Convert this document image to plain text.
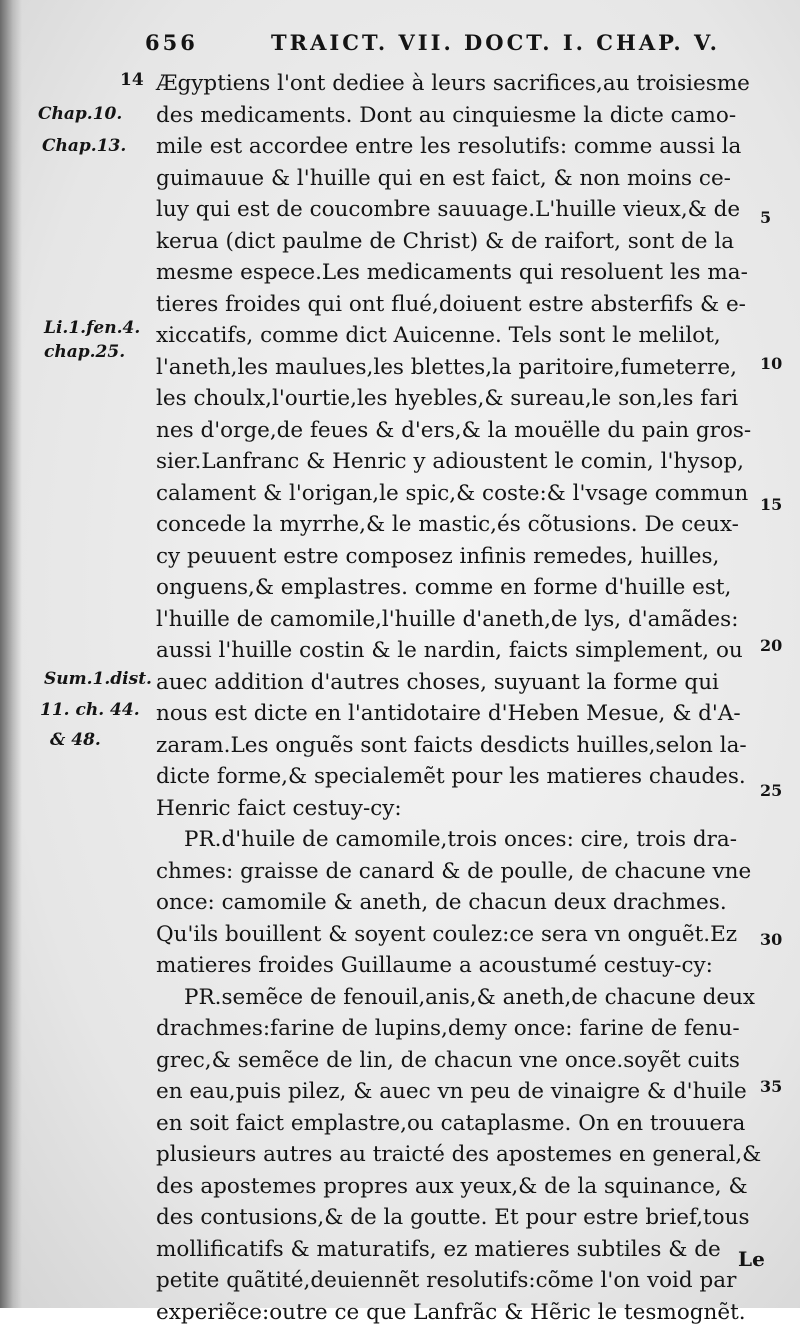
656	TRAICT. VII. DOCT. I. CHAP. V.
14 Ægyptiens l'ont dediee à leurs sacrifices,au troisiesme
des medicaments. Dont au cinquiesme la dicte camo-
mile est accordee entre les resolutifs: comme aussi la
guimauue & l'huille qui en est faict, & non moins ce-
luy qui est de coucombre sauuage.L'huille vieux,& de
kerua (dict paulme de Christ) & de raifort, sont de la
mesme espece.Les medicaments qui resoluent les ma-
tieres froides qui ont flué,doiuent estre absterfifs & e-
xiccatifs, comme dict Auicenne. Tels sont le melilot,
l'aneth,les maulues,les blettes,la paritoire,fumeterre,
les choulx,l'ourtie,les hyebles,& sureau,le son,les fari
nes d'orge,de feues & d'ers,& la mouëlle du pain gros-
sier.Lanfranc & Henric y adioustent le comin, l'hysop,
calament & l'origan,le spic,& coste:& l'vsage commun
concede la myrrhe,& le mastic,és cõtusions. De ceux-
cy peuuent estre composez infinis remedes, huilles,
onguens,& emplastres. comme en forme d'huille est,
l'huille de camomile,l'huille d'aneth,de lys, d'amãdes:
aussi l'huille costin & le nardin, faicts simplement, ou
auec addition d'autres choses, suyuant la forme qui
nous est dicte en l'antidotaire d'Heben Mesue, & d'A-
zaram.Les onguẽs sont faicts desdicts huilles,selon la-
dicte forme,& specialemẽt pour les matieres chaudes.
Henric faict cestuy-cy:
PR.d'huile de camomile,trois onces: cire, trois dra-
chmes: graisse de canard & de poulle, de chacune vne
once: camomile & aneth, de chacun deux drachmes.
Qu'ils bouillent & soyent coulez:ce sera vn onguẽt.Ez
matieres froides Guillaume a acoustumé cestuy-cy:
PR.semẽce de fenouil,anis,& aneth,de chacune deux
drachmes:farine de lupins,demy once: farine de fenu-
grec,& semẽce de lin, de chacun vne once.soyẽt cuits
en eau,puis pilez, & auec vn peu de vinaigre & d'huile
en soit faict emplastre,ou cataplasme. On en trouuera
plusieurs autres au traicté des apostemes en general,&
des apostemes propres aux yeux,& de la squinance, &
des contusions,& de la goutte. Et pour estre brief,tous
mollificatifs & maturatifs, ez matieres subtiles & de
petite quãtité,deuiennẽt resolutifs:cõme l'on void par
experiẽce:outre ce que Lanfrãc & Hẽric le tesmognẽt.
Chap.10.
Chap.13.
Li.1.fen.4.
chap.25.
Sum.1.dist.
11. ch. 44.
& 48.
5
10
15
20
25
30
35
Le
